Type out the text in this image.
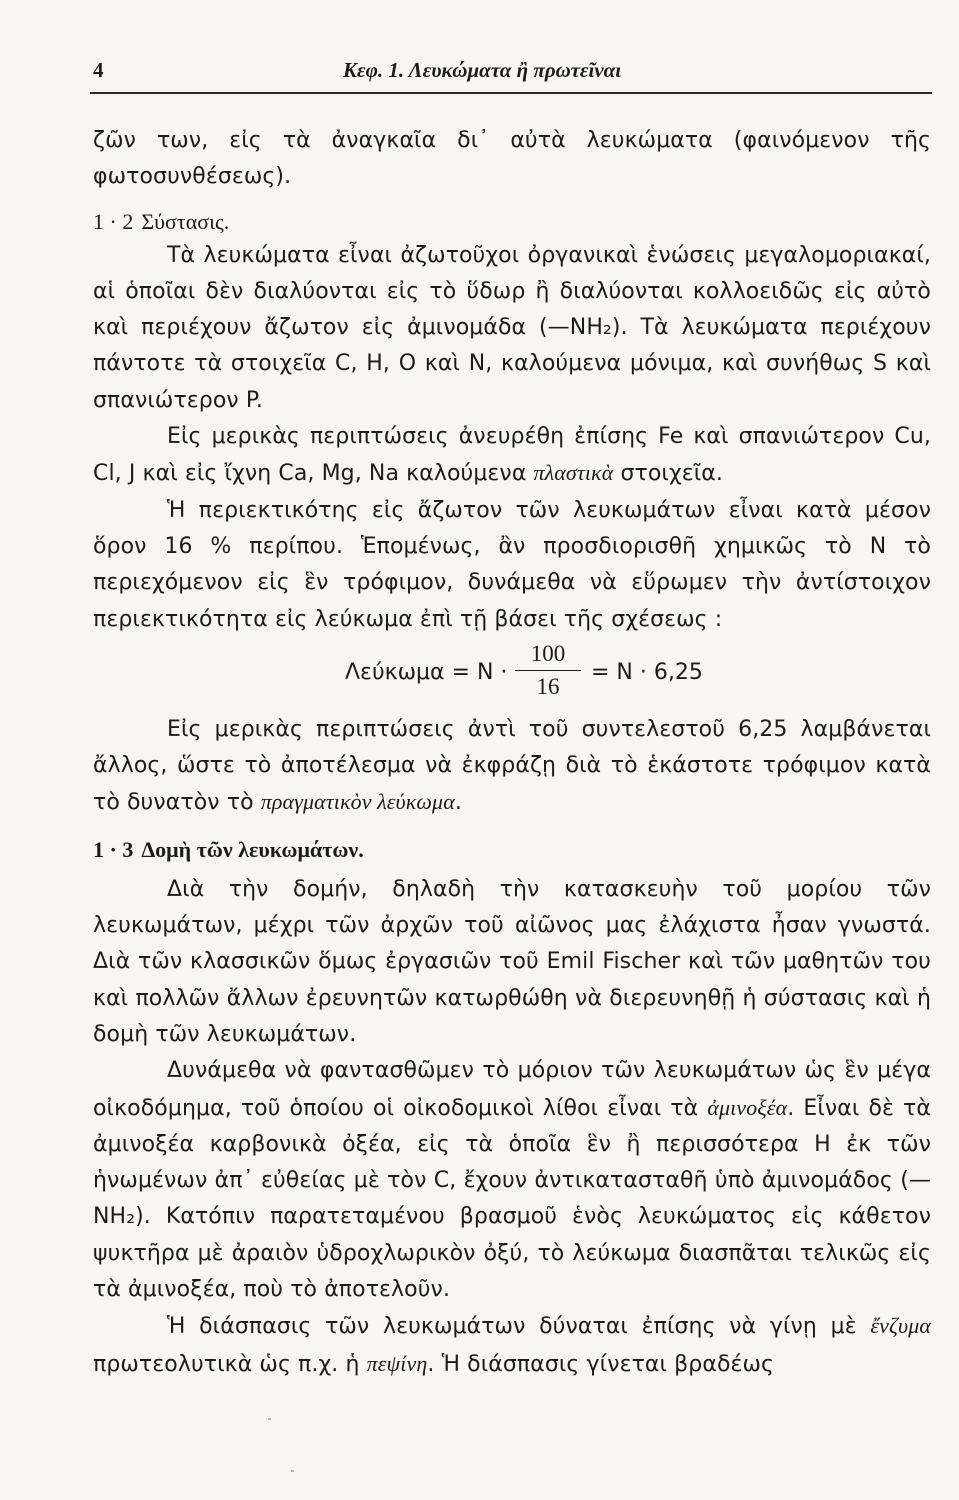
4	Κεφ. 1. Λευκώματα ἢ πρωτεῖναι

ζῶν των, εἰς τὰ ἀναγκαῖα δι᾿ αὐτὰ λευκώματα (φαινόμενον τῆς φωτοσυνθέσεως).

1 · 2 Σύστασις.

Τὰ λευκώματα εἶναι ἀζωτοῦχοι ὀργανικαὶ ἑνώσεις μεγαλομοριακαί, αἱ ὁποῖαι δὲν διαλύονται εἰς τὸ ὕδωρ ἢ διαλύονται κολλοειδῶς εἰς αὐτὸ καὶ περιέχουν ἄζωτον εἰς ἀμινομάδα (—NH₂). Τὰ λευκώματα περιέχουν πάντοτε τὰ στοιχεῖα C, H, O καὶ N, καλούμενα μόνιμα, καὶ συνήθως S καὶ σπανιώτερον P.

Εἰς μερικὰς περιπτώσεις ἀνευρέθη ἐπίσης Fe καὶ σπανιώτερον Cu, Cl, J καὶ εἰς ἴχνη Ca, Mg, Na καλούμενα πλαστικὰ στοιχεῖα.

Ἡ περιεκτικότης εἰς ἄζωτον τῶν λευκωμάτων εἶναι κατὰ μέσον ὅρον 16 % περίπου. Ἑπομένως, ἂν προσδιορισθῆ χημικῶς τὸ N τὸ περιεχόμενον εἰς ἓν τρόφιμον, δυνάμεθα νὰ εὕρωμεν τὴν ἀντίστοιχον περιεκτικότητα εἰς λεύκωμα ἐπὶ τῇ βάσει τῆς σχέσεως :

Λεύκωμα = N ·
100
16
= N · 6,25

Εἰς μερικὰς περιπτώσεις ἀντὶ τοῦ συντελεστοῦ 6,25 λαμβάνεται ἄλλος, ὥστε τὸ ἀποτέλεσμα νὰ ἐκφράζῃ διὰ τὸ ἑκάστοτε τρόφιμον κατὰ τὸ δυνατὸν τὸ πραγματικὸν λεύκωμα.

1 · 3 Δομὴ τῶν λευκωμάτων.

Διὰ τὴν δομήν, δηλαδὴ τὴν κατασκευὴν τοῦ μορίου τῶν λευκωμάτων, μέχρι τῶν ἀρχῶν τοῦ αἰῶνος μας ἐλάχιστα ἦσαν γνωστά. Διὰ τῶν κλασσικῶν ὅμως ἐργασιῶν τοῦ Emil Fischer καὶ τῶν μαθητῶν του καὶ πολλῶν ἄλλων ἐρευνητῶν κατωρθώθη νὰ διερευνηθῇ ἡ σύστασις καὶ ἡ δομὴ τῶν λευκωμάτων.

Δυνάμεθα νὰ φαντασθῶμεν τὸ μόριον τῶν λευκωμάτων ὡς ἓν μέγα οἰκοδόμημα, τοῦ ὁποίου οἱ οἰκοδομικοὶ λίθοι εἶναι τὰ ἀμινοξέα. Εἶναι δὲ τὰ ἀμινοξέα καρβονικὰ ὀξέα, εἰς τὰ ὁποῖα ἓν ἢ περισσότερα H ἐκ τῶν ἡνωμένων ἀπ᾿ εὐθείας μὲ τὸν C, ἔχουν ἀντικατασταθῆ ὑπὸ ἀμινομάδος (—NH₂). Κατόπιν παρατεταμένου βρασμοῦ ἑνὸς λευκώματος εἰς κάθετον ψυκτῆρα μὲ ἀραιὸν ὑδροχλωρικὸν ὀξύ, τὸ λεύκωμα διασπᾶται τελικῶς εἰς τὰ ἀμινοξέα, ποὺ τὸ ἀποτελοῦν.

Ἡ διάσπασις τῶν λευκωμάτων δύναται ἐπίσης νὰ γίνῃ μὲ ἔνζυμα πρωτεολυτικὰ ὡς π.χ. ἡ πεψίνη. Ἡ διάσπασις γίνεται βραδέως
